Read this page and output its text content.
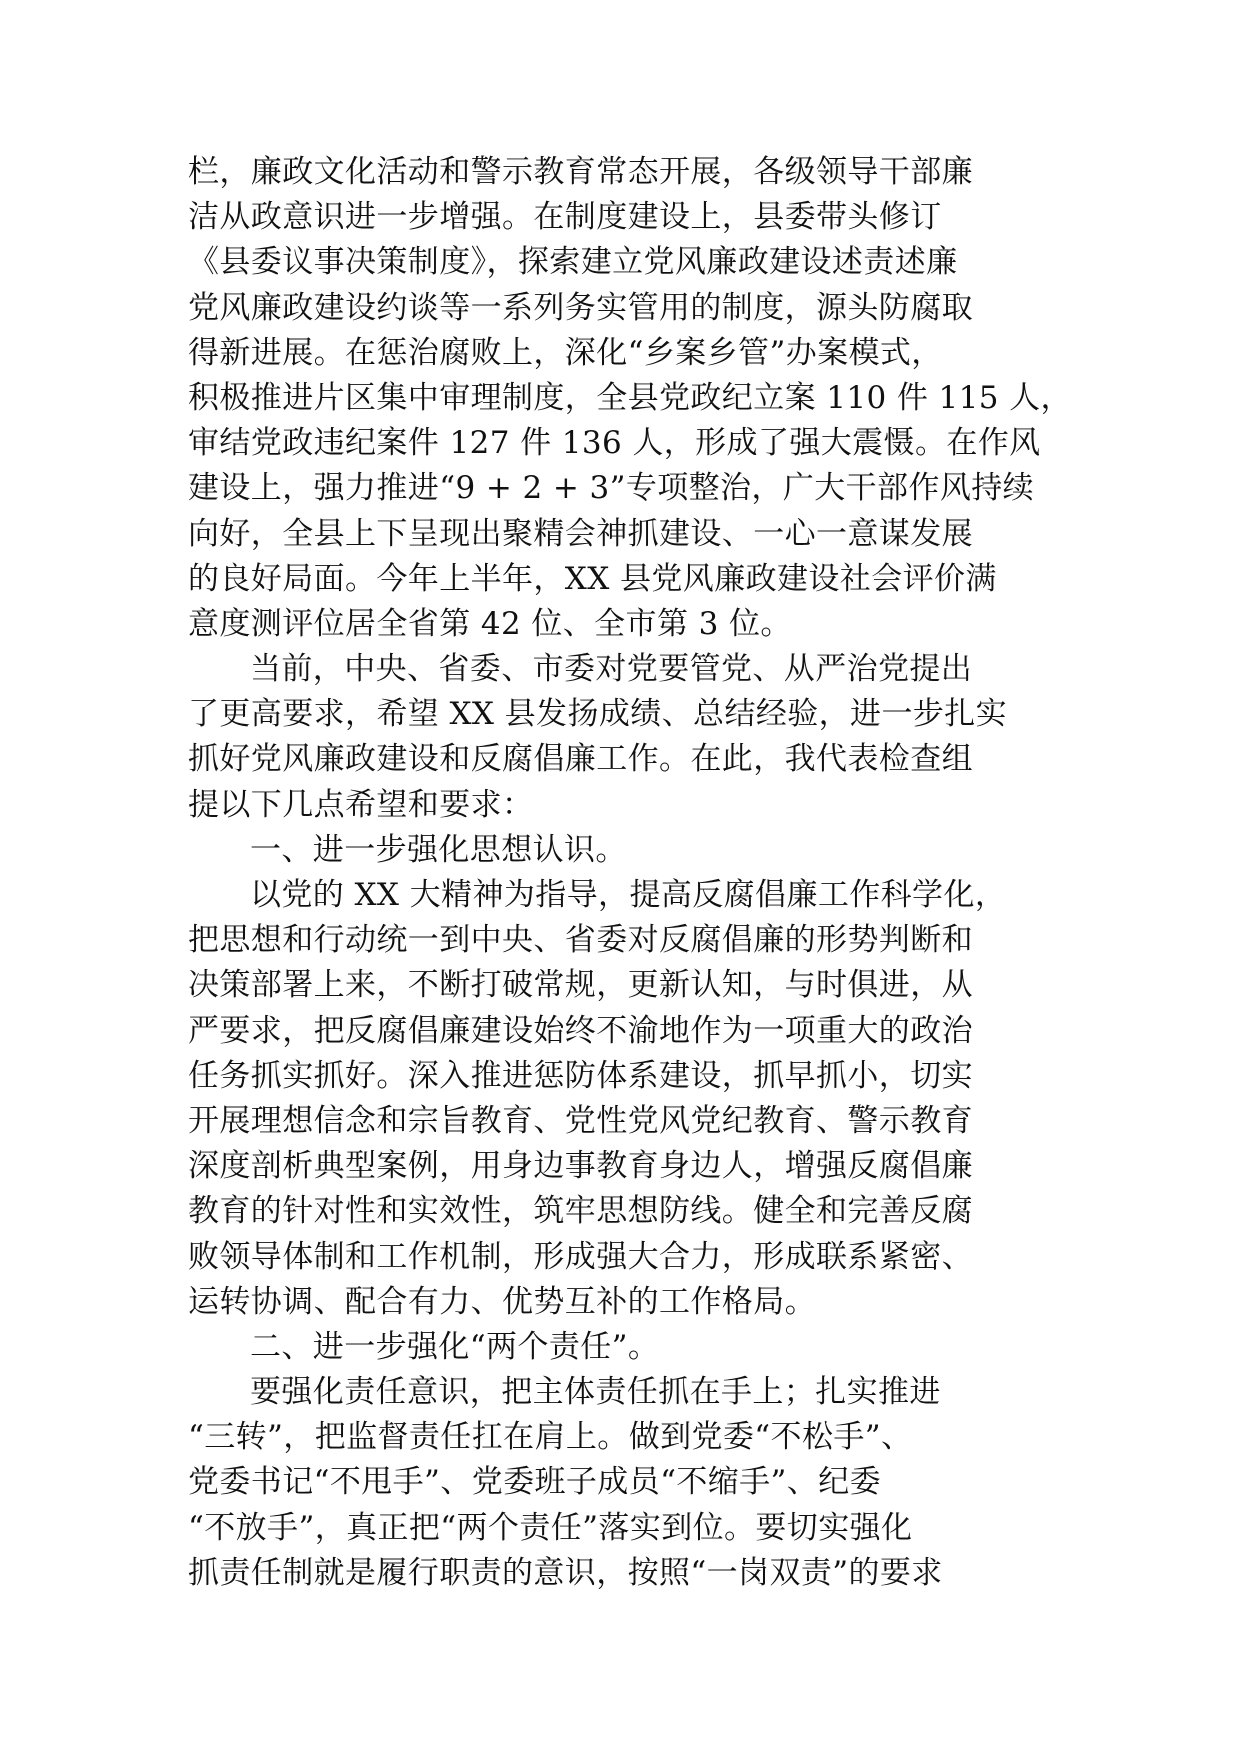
栏，廉政文化活动和警示教育常态开展，各级领导干部廉
洁从政意识进一步增强。在制度建设上，县委带头修订
《县委议事决策制度》，探索建立党风廉政建设述责述廉
党风廉政建设约谈等一系列务实管用的制度，源头防腐取
得新进展。在惩治腐败上，深化“乡案乡管”办案模式，
积极推进片区集中审理制度，全县党政纪立案 110 件 115 人，
审结党政违纪案件 127 件 136 人，形成了强大震慑。在作风
建设上，强力推进“9 + 2 + 3”专项整治，广大干部作风持续
向好，全县上下呈现出聚精会神抓建设、一心一意谋发展
的良好局面。今年上半年，XX 县党风廉政建设社会评价满
意度测评位居全省第 42 位、全市第 3 位。
当前，中央、省委、市委对党要管党、从严治党提出
了更高要求，希望 XX 县发扬成绩、总结经验，进一步扎实
抓好党风廉政建设和反腐倡廉工作。在此，我代表检查组
提以下几点希望和要求：
一、进一步强化思想认识。
以党的 XX 大精神为指导，提高反腐倡廉工作科学化，
把思想和行动统一到中央、省委对反腐倡廉的形势判断和
决策部署上来，不断打破常规，更新认知，与时俱进，从
严要求，把反腐倡廉建设始终不渝地作为一项重大的政治
任务抓实抓好。深入推进惩防体系建设，抓早抓小，切实
开展理想信念和宗旨教育、党性党风党纪教育、警示教育
深度剖析典型案例，用身边事教育身边人，增强反腐倡廉
教育的针对性和实效性，筑牢思想防线。健全和完善反腐
败领导体制和工作机制，形成强大合力，形成联系紧密、
运转协调、配合有力、优势互补的工作格局。
二、进一步强化“两个责任”。
要强化责任意识，把主体责任抓在手上；扎实推进
“三转”，把监督责任扛在肩上。做到党委“不松手”、
党委书记“不甩手”、党委班子成员“不缩手”、纪委
“不放手”，真正把“两个责任”落实到位。要切实强化
抓责任制就是履行职责的意识，按照“一岗双责”的要求
